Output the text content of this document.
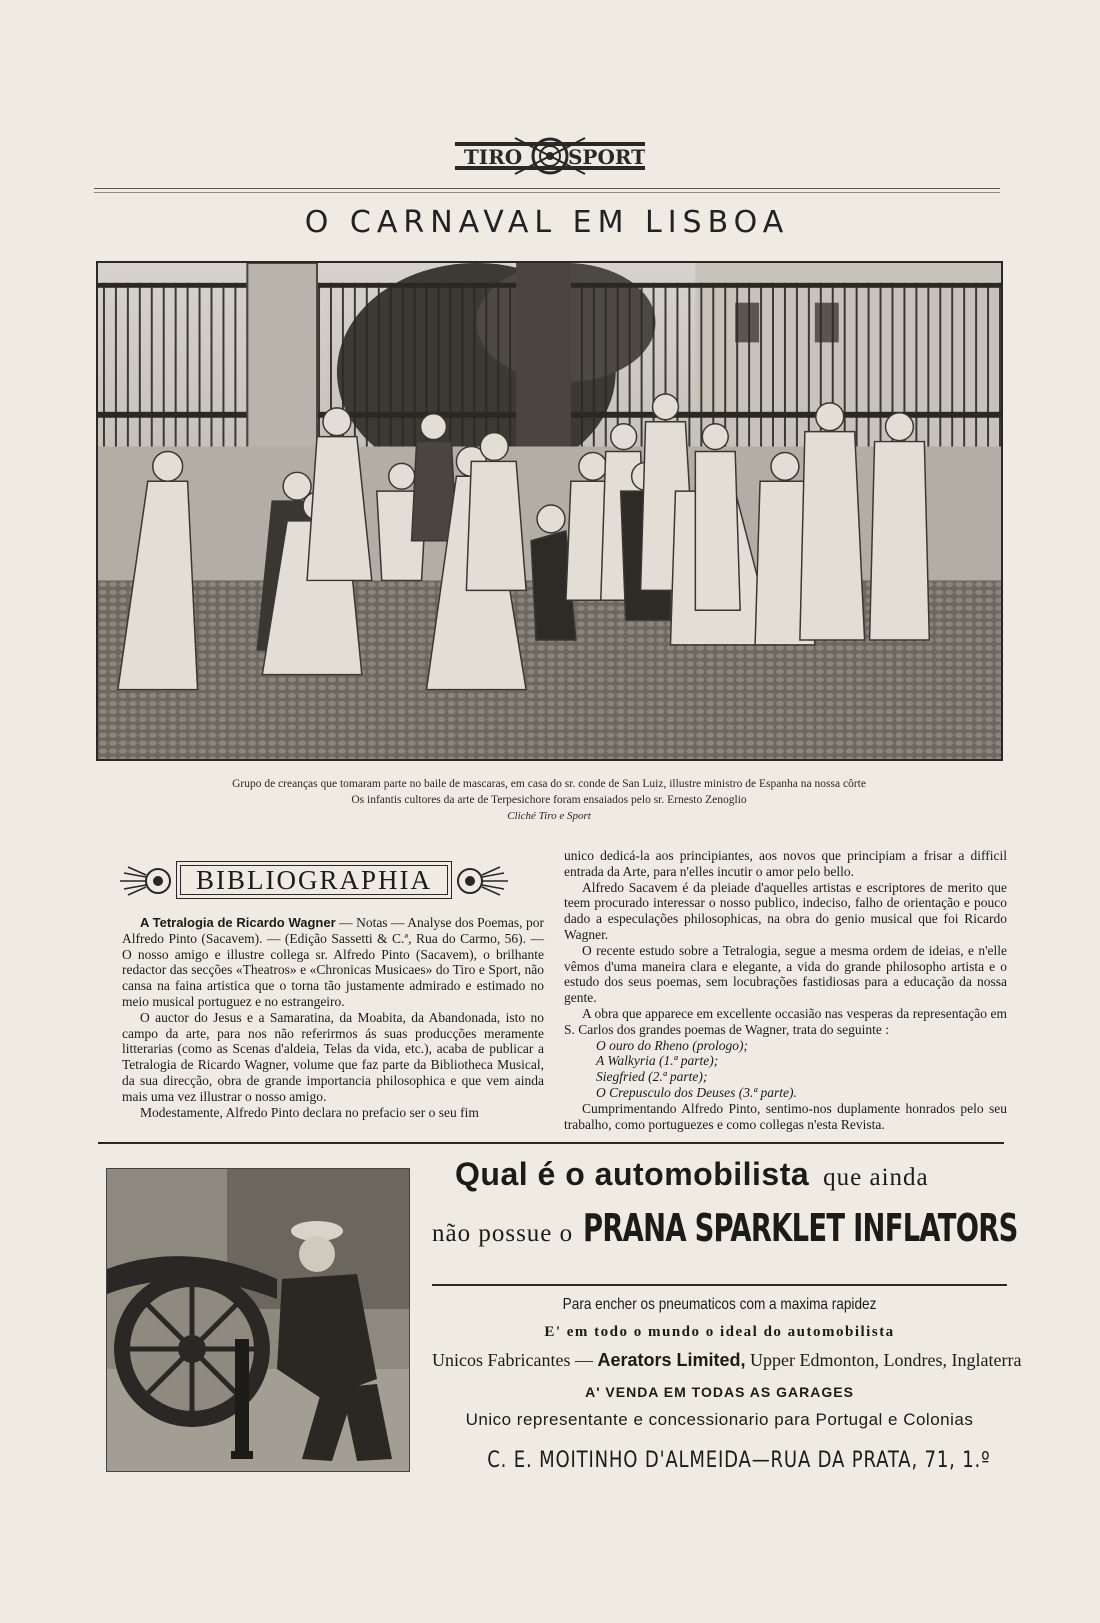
TIRO SPORT
O CARNAVAL EM LISBOA
Grupo de creanças que tomaram parte no baile de mascaras, em casa do sr. conde de San Luiz, illustre ministro de Espanha na nossa côrte
Os infantis cultores da arte de Terpesichore foram ensaiados pelo sr. Ernesto Zenoglio
Cliché Tiro e Sport
BIBLIOGRAPHIA

A Tetralogia de Ricardo Wagner — Notas — Analyse dos Poemas, por Alfredo Pinto (Sacavem). — (Edição Sassetti & C.ª, Rua do Carmo, 56). — O nosso amigo e illustre collega sr. Alfredo Pinto (Sacavem), o brilhante redactor das secções «Theatros» e «Chronicas Musicaes» do Tiro e Sport, não cansa na faina artistica que o torna tão justamente admirado e estimado no meio musical portuguez e no estrangeiro.

O auctor do Jesus e a Samaratina, da Moabita, da Abandonada, isto no campo da arte, para nos não referirmos ás suas producções meramente litterarias (como as Scenas d'aldeia, Telas da vida, etc.), acaba de publicar a Tetralogia de Ricardo Wagner, volume que faz parte da Bibliotheca Musical, da sua direcção, obra de grande importancia philosophica e que vem ainda mais uma vez illustrar o nosso amigo.

Modestamente, Alfredo Pinto declara no prefacio ser o seu fim

unico dedicá-la aos principiantes, aos novos que principiam a frisar a difficil entrada da Arte, para n'elles incutir o amor pelo bello.

Alfredo Sacavem é da pleiade d'aquelles artistas e escriptores de merito que teem procurado interessar o nosso publico, indeciso, falho de orientação e pouco dado a especulações philosophicas, na obra do genio musical que foi Ricardo Wagner.

O recente estudo sobre a Tetralogia, segue a mesma ordem de ideias, e n'elle vêmos d'uma maneira clara e elegante, a vida do grande philosopho artista e o estudo dos seus poemas, sem locubrações fastidiosas para a educação da nossa gente.

A obra que apparece em excellente occasião nas vesperas da representação em S. Carlos dos grandes poemas de Wagner, trata do seguinte :

O ouro do Rheno (prologo);

A Walkyria (1.ª parte);

Siegfried (2.ª parte);

O Crepusculo dos Deuses (3.ª parte).

Cumprimentando Alfredo Pinto, sentimo-nos duplamente honrados pelo seu trabalho, como portuguezes e como collegas n'esta Revista.

Qual é o automobilista que ainda
não possue o PRANA SPARKLET INFLATORS
Para encher os pneumaticos com a maxima rapidez
E' em todo o mundo o ideal do automobilista
Unicos Fabricantes — Aerators Limited, Upper Edmonton, Londres, Inglaterra
A' VENDA EM TODAS AS GARAGES
Unico representante e concessionario para Portugal e Colonias
C. E. MOITINHO D'ALMEIDA—RUA DA PRATA, 71, 1.º
